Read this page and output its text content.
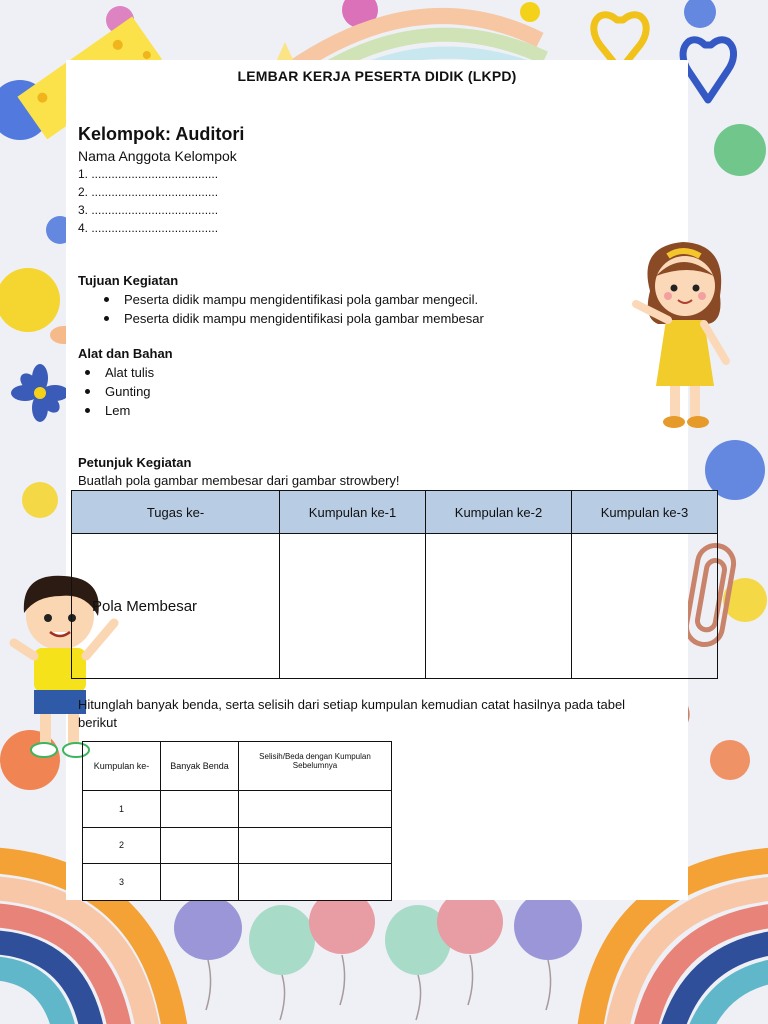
LEMBAR KERJA PESERTA DIDIK (LKPD)
Kelompok: Auditori
Nama Anggota Kelompok
1. ......................................
2. ......................................
3. ......................................
4. ......................................
Tujuan Kegiatan
Peserta didik mampu mengidentifikasi pola gambar mengecil.
Peserta didik mampu mengidentifikasi pola gambar membesar
Alat dan Bahan
Alat tulis
Gunting
Lem
Petunjuk Kegiatan
Buatlah pola gambar membesar dari gambar strowbery!
Tugas ke-	Kumpulan ke-1	Kumpulan ke-2	Kumpulan ke-3
Pola Membesar			
Hitunglah banyak benda, serta selisih dari setiap kumpulan kemudian catat hasilnya pada tabel
berikut
Kumpulan ke-	Banyak Benda	Selisih/Beda dengan Kumpulan Sebelumnya
1		
2		
3		
